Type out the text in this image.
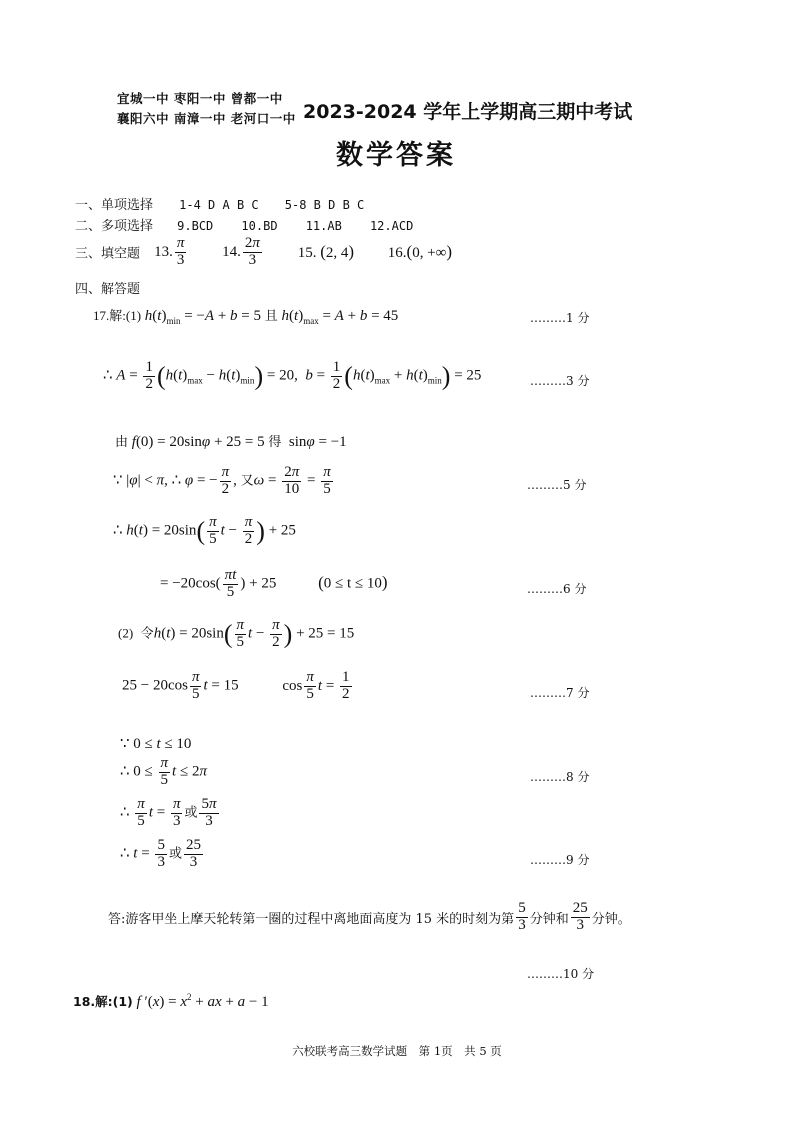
宜城一中 枣阳一中 曾都一中
襄阳六中 南漳一中 老河口一中 2023-2024 学年上学期高三期中考试
数学答案
一、单项选择 1-4 D A B C 5-8 B D B C
二、多项选择 9.BCD 10.BD 11.AB 12.ACD
三、填空题 13. $\frac{\pi}{3} 14$. $\frac{2\pi}{3} 15$. (2, 4) 16.(0, +∞)
四、解答题
17.解:(1) $h(t)_{min} = -A + b = 5$ 且 $h(t)_{max} = A + b = 45$	………1 分
∴ $A = \frac{1}{2} (h(t)_{max} - h(t)_{min}) = 20$, $b = \frac{1}{2} (h(t)_{max} + h(t)_{min}) = 25$	………3 分
由 f(0) = 20sinφ + 25 = 5 得  sinφ = −1
∵ |φ| < π, ∴ φ = − $\frac{\pi}{2}$ , 又$\omega = \frac{2\pi}{10} = \frac{\pi}{5}$	………5 分
∴ $h(t) = 20\sin( \frac{\pi}{5}$ $t - \frac{\pi}{2}$ ) + 25
= $-20\cos( \frac{\pi t}{5}$ ) + 25 (0 ≤ t ≤ 10)	………6 分
(2) 令$h(t) = 20\sin( \frac{\pi}{5}$ $t - \frac{\pi}{2}$ ) + 25 = 15
$25 - 20\cos \frac{\pi}{5}$ t = 15	$\cos \frac{\pi}{5}$ $t = \frac{1}{2}$	………7 分
∵ 0 ≤ t ≤ 10
∴ $0 \le \frac{\pi}{5}$ t ≤ 2π	………8 分
∴ $\frac{\pi}{5}$ $t = \frac{\pi}{3}$ 或 $\frac{5\pi}{3}$
∴ $t = \frac{5}{3}$ 或 $\frac{25}{3}$	………9 分
答:游客甲坐上摩天轮转第一圈的过程中离地面高度为 15 米的时刻为第 $\frac{5}{3}$ 分钟和 $\frac{25}{3}$ 分钟。
………10 分
18.解:(1) f $'(x) = x^2$ + ax + a − 1
六校联考高三数学试题　第 1页　共 5 页
